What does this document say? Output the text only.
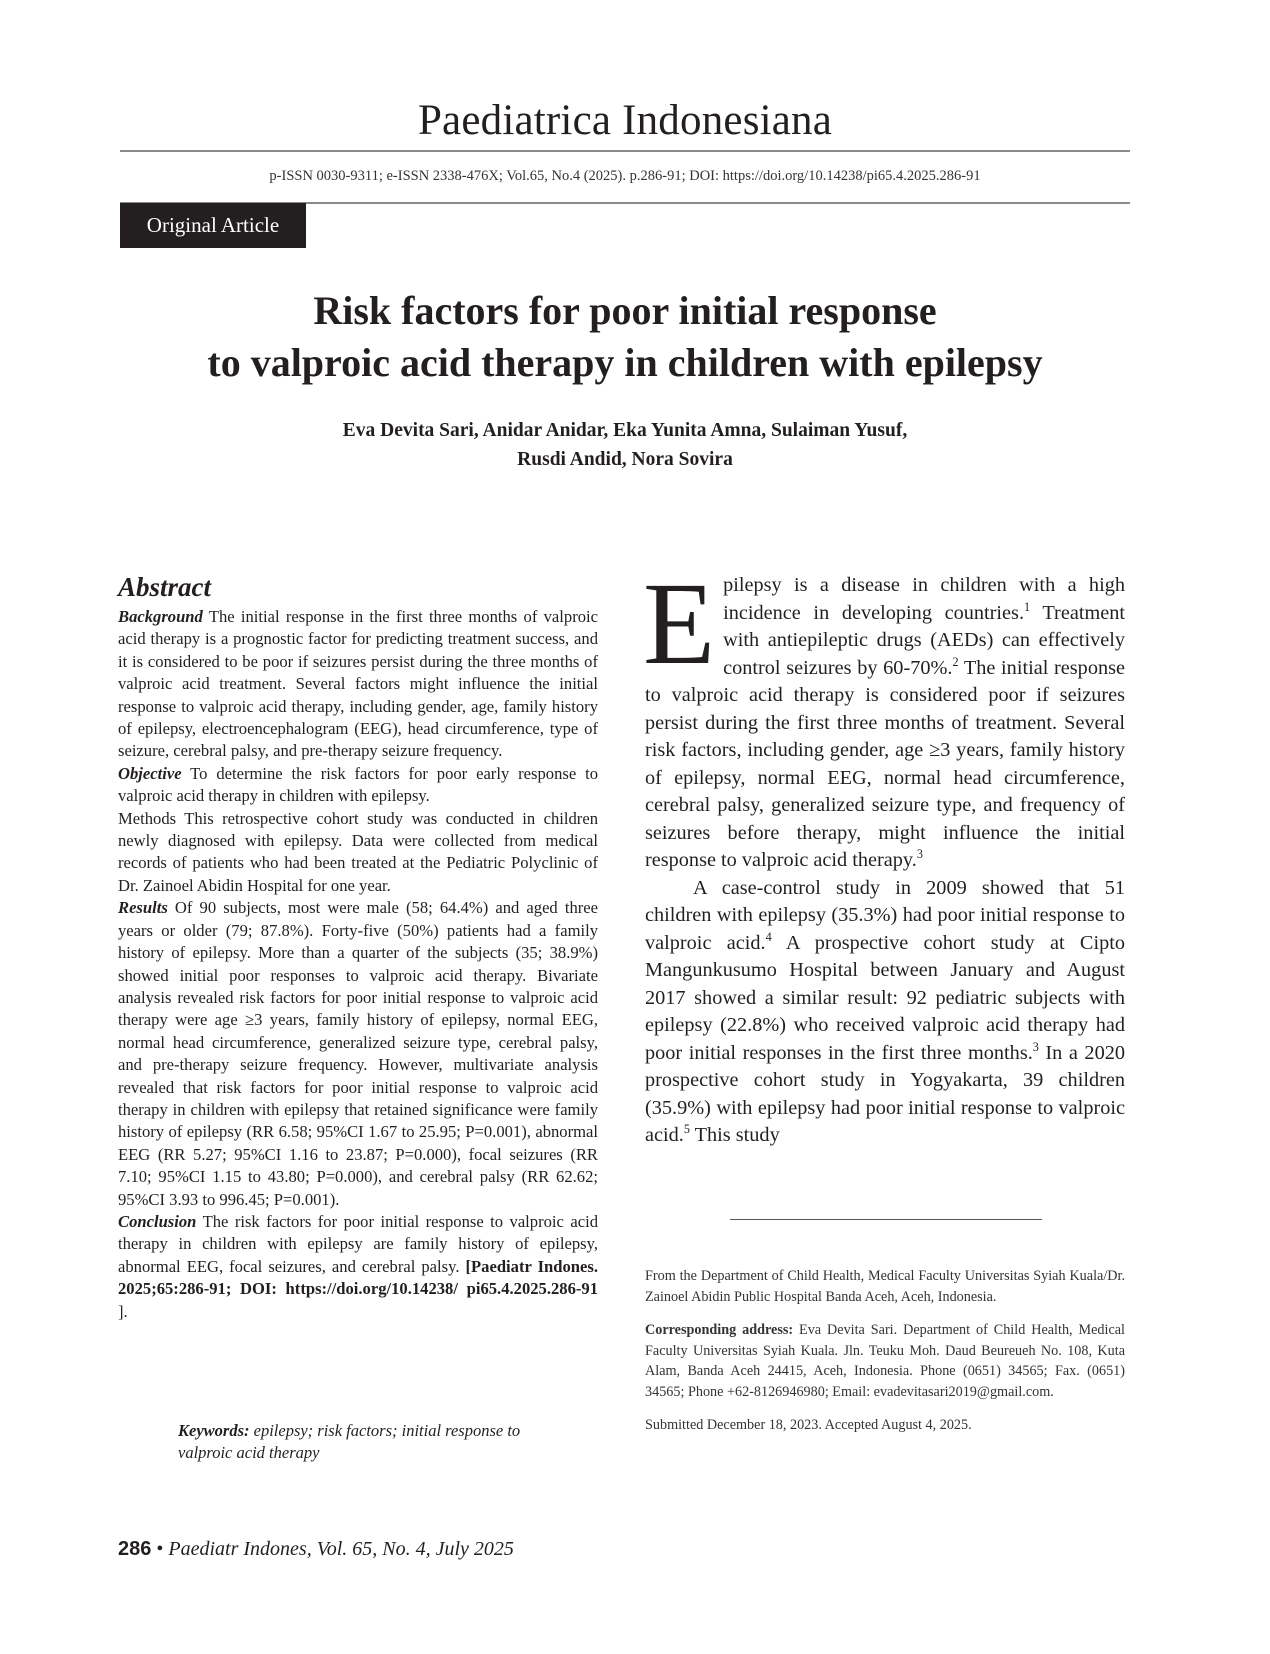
Paediatrica Indonesiana
p-ISSN 0030-9311; e-ISSN 2338-476X; Vol.65, No.4 (2025). p.286-91; DOI: https://doi.org/10.14238/pi65.4.2025.286-91
Original Article
Risk factors for poor initial response
to valproic acid therapy in children with epilepsy
Eva Devita Sari, Anidar Anidar, Eka Yunita Amna, Sulaiman Yusuf,
Rusdi Andid, Nora Sovira
Abstract

Background The initial response in the first three months of valproic acid therapy is a prognostic factor for predicting treatment success, and it is considered to be poor if seizures persist during the three months of valproic acid treatment. Several factors might influence the initial response to valproic acid therapy, including gender, age, family history of epilepsy, electroencephalogram (EEG), head circumference, type of seizure, cerebral palsy, and pre-therapy seizure frequency.

Objective To determine the risk factors for poor early response to valproic acid therapy in children with epilepsy.

Methods This retrospective cohort study was conducted in children newly diagnosed with epilepsy. Data were collected from medical records of patients who had been treated at the Pediatric Polyclinic of Dr. Zainoel Abidin Hospital for one year.

Results Of 90 subjects, most were male (58; 64.4%) and aged three years or older (79; 87.8%). Forty-five (50%) patients had a family history of epilepsy. More than a quarter of the subjects (35; 38.9%) showed initial poor responses to valproic acid therapy. Bivariate analysis revealed risk factors for poor initial response to valproic acid therapy were age ≥3 years, family history of epilepsy, normal EEG, normal head circumference, generalized seizure type, cerebral palsy, and pre-therapy seizure frequency. However, multivariate analysis revealed that risk factors for poor initial response to valproic acid therapy in children with epilepsy that retained significance were family history of epilepsy (RR 6.58; 95%CI 1.67 to 25.95; P=0.001), abnormal EEG (RR 5.27; 95%CI 1.16 to 23.87; P=0.000), focal seizures (RR 7.10; 95%CI 1.15 to 43.80; P=0.000), and cerebral palsy (RR 62.62; 95%CI 3.93 to 996.45; P=0.001).

Conclusion The risk factors for poor initial response to valproic acid therapy in children with epilepsy are family history of epilepsy, abnormal EEG, focal seizures, and cerebral palsy. [Paediatr Indones. 2025;65:286-91; DOI: https://doi.org/10.14238/ pi65.4.2025.286-91 ].

Keywords: epilepsy; risk factors; initial response to valproic acid therapy

Epilepsy is a disease in children with a high incidence in developing countries.$^1$ Treatment with antiepileptic drugs (AEDs) can effectively control seizures by 60-70%.$^2$ The initial response to valproic acid therapy is considered poor if seizures persist during the first three months of treatment. Several risk factors, including gender, age ≥3 years, family history of epilepsy, normal EEG, normal head circumference, cerebral palsy, generalized seizure type, and frequency of seizures before therapy, might influence the initial response to valproic acid therapy.$^3$

A case-control study in 2009 showed that 51 children with epilepsy (35.3%) had poor initial response to valproic acid.$^4$ A prospective cohort study at Cipto Mangunkusumo Hospital between January and August 2017 showed a similar result: 92 pediatric subjects with epilepsy (22.8%) who received valproic acid therapy had poor initial responses in the first three months.$^3$ In a 2020 prospective cohort study in Yogyakarta, 39 children (35.9%) with epilepsy had poor initial response to valproic acid.$^5$ This study

From the Department of Child Health, Medical Faculty Universitas Syiah Kuala/Dr. Zainoel Abidin Public Hospital Banda Aceh, Aceh, Indonesia.

Corresponding address: Eva Devita Sari. Department of Child Health, Medical Faculty Universitas Syiah Kuala. Jln. Teuku Moh. Daud Beureueh No. 108, Kuta Alam, Banda Aceh 24415, Aceh, Indonesia. Phone (0651) 34565; Fax. (0651) 34565; Phone +62-8126946980; Email: evadevitasari2019@gmail.com.

Submitted December 18, 2023. Accepted August 4, 2025.

286 • Paediatr Indones, Vol. 65, No. 4, July 2025
